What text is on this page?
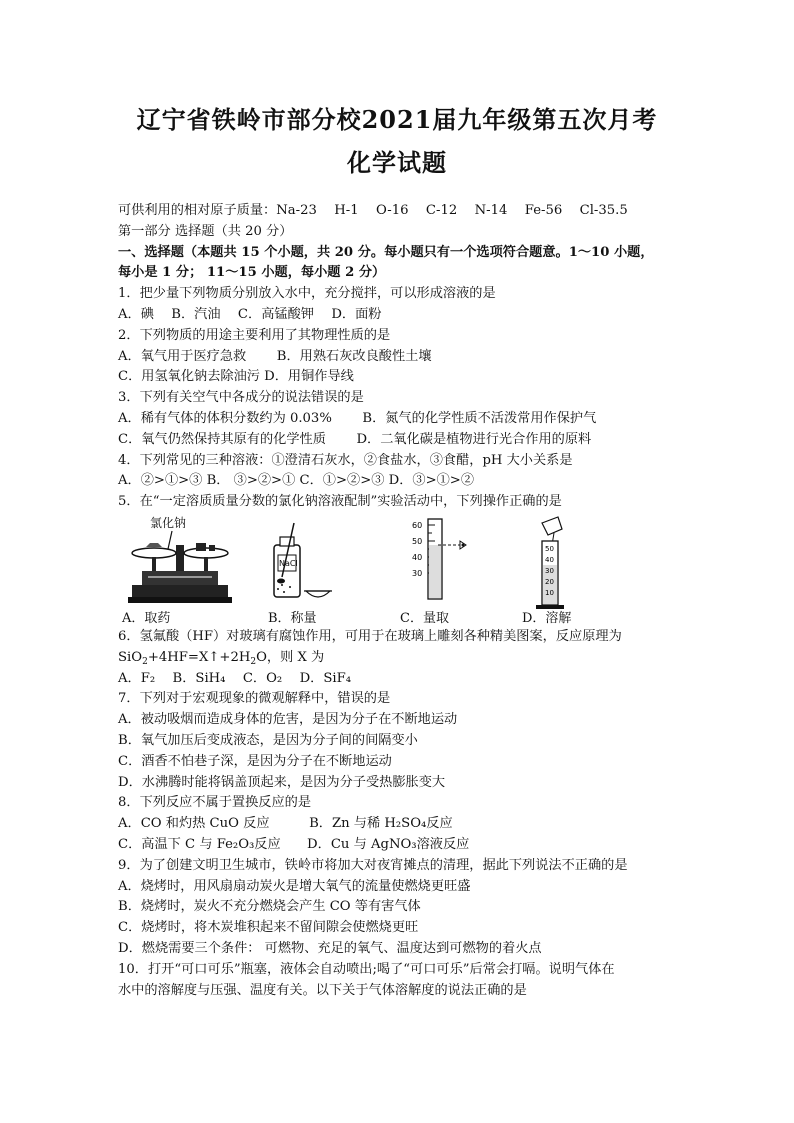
辽宁省铁岭市部分校2021届九年级第五次月考
化学试题
可供利用的相对原子质量：Na-23　 H-1　 O-16　 C-12　 N-14　 Fe-56　 Cl-35.5
第一部分 选择题（共 20 分）
一、选择题（本题共 15 个小题，共 20 分。每小题只有一个选项符合题意。1～10 小题，
每小是 1 分； 11～15 小题，每小题 2 分）
1．把少量下列物质分别放入水中，充分搅拌，可以形成溶液的是
A．碘　 B．汽油　 C．高锰酸钾　 D．面粉
2．下列物质的用途主要利用了其物理性质的是
A．氧气用于医疗急救　　 B．用熟石灰改良酸性土壤
C．用氢氧化钠去除油污 D．用铜作导线
3．下列有关空气中各成分的说法错误的是
A．稀有气体的体积分数约为 0.03%　　 B．氮气的化学性质不活泼常用作保护气
C．氧气仍然保持其原有的化学性质　　 D．二氧化碳是植物进行光合作用的原料
4．下列常见的三种溶液：①澄清石灰水，②食盐水，③食醋，pH 大小关系是
A．②>①>③ B． ③>②>① C．①>②>③ D．③>①>②
5．在“一定溶质质量分数的氯化钠溶液配制”实验活动中，下列操作正确的是
氯化钠
NaCl
60
50
40
30
50
40
30
20
10
A．取药	B．称量	C．量取	D．溶解
6．氢氟酸（HF）对玻璃有腐蚀作用，可用于在玻璃上雕刻各种精美图案，反应原理为
$SiO_2+4HF=X↑+2H_2O$，则 X 为
A．F₂　 B．SiH₄　 C．O₂　 D．SiF₄
7．下列对于宏观现象的微观解释中，错误的是
A．被动吸烟而造成身体的危害，是因为分子在不断地运动
B．氧气加压后变成液态，是因为分子间的间隔变小
C．酒香不怕巷子深，是因为分子在不断地运动
D．水沸腾时能将锅盖顶起来，是因为分子受热膨胀变大
8．下列反应不属于置换反应的是
A．CO 和灼热 CuO 反应　　　B．Zn 与稀 H₂SO₄反应
C．高温下 C 与 Fe₂O₃反应　　D．Cu 与 AgNO₃溶液反应
9．为了创建文明卫生城市，铁岭市将加大对夜宵摊点的清理，据此下列说法不正确的是
A．烧烤时，用风扇扇动炭火是增大氧气的流量使燃烧更旺盛
B．烧烤时，炭火不充分燃烧会产生 CO 等有害气体
C．烧烤时，将木炭堆积起来不留间隙会使燃烧更旺
D．燃烧需要三个条件： 可燃物、充足的氧气、温度达到可燃物的着火点
10．打开“可口可乐”瓶塞，液体会自动喷出;喝了“可口可乐”后常会打嗝。说明气体在
水中的溶解度与压强、温度有关。以下关于气体溶解度的说法正确的是
